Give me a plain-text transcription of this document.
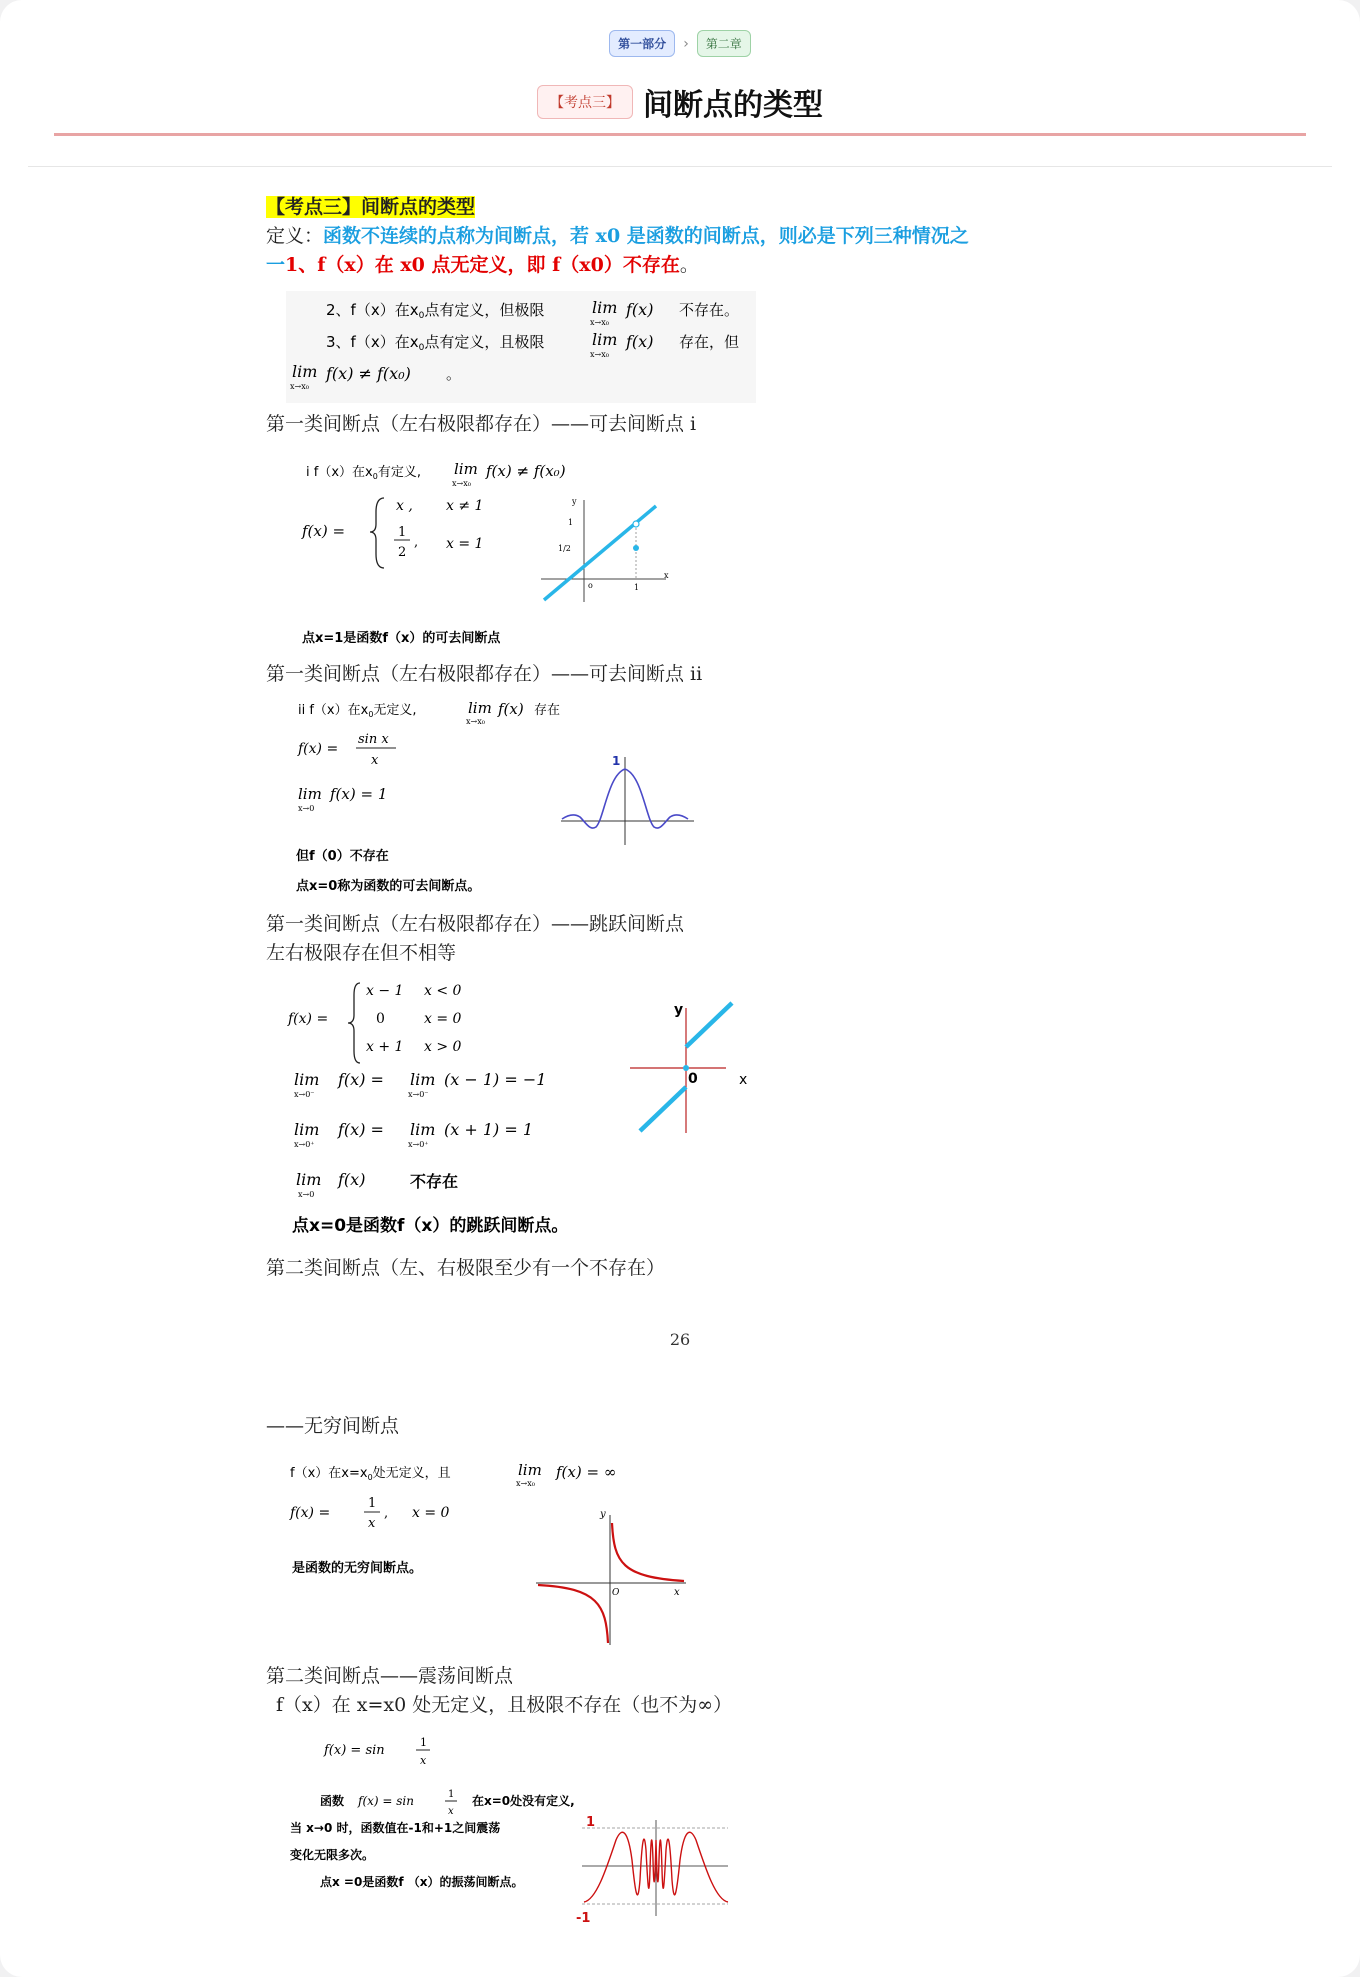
第一部分	›	第二章
【考点三】 间断点的类型
【考点三】间断点的类型
定义：函数不连续的点称为间断点，若 x0 是函数的间断点，则必是下列三种情况之
一1、f（x）在 x0 点无定义，即 f（x0）不存在。
2、f（x）在$x_0$点有定义，但极限	lim
x→x₀
f(x) 不存在。
3、f（x）在$x_0$点有定义，且极限	lim
x→x₀
f(x) 存在，但
lim
x→x₀
f(x) ≠ f(x₀) 。
第一类间断点（左右极限都存在）——可去间断点 i
i f（x）在$x_0$有定义, lim
x→x₀
f(x) ≠ f(x₀)
f(x) =
x , x ≠ 1
1
2
, x = 1
y
x
o
1
1/2
1
点x=1是函数f（x）的可去间断点
第一类间断点（左右极限都存在）——可去间断点 ii
ii f（x）在$x_0$无定义,	lim
x→x₀
f(x) 存在
f(x) =
sin x
x
lim
x→0
f(x) = 1
1
但f（0）不存在
点x=0称为函数的可去间断点。
第一类间断点（左右极限都存在）——跳跃间断点
左右极限存在但不相等
f(x) =
x − 1 x < 0
0	x = 0
x + 1 x > 0
lim
x→0⁻
f(x) = lim
x→0⁻
(x − 1) = −1
lim
x→0⁺
f(x) = lim
x→0⁺
(x + 1) = 1
lim
x→0
f(x)	不存在
点x=0是函数f（x）的跳跃间断点。
y
x
0
第二类间断点（左、右极限至少有一个不存在）
26
——无穷间断点
f（x）在$x=x_0$处无定义，且	lim
x→x₀
f(x) = ∞
f(x) =
1
x
, x = 0
是函数的无穷间断点。
y
x
O
第二类间断点——震荡间断点
f（x）在 x=x0 处无定义，且极限不存在（也不为∞）
f(x) = sin
1
x
函数 f(x) = sin	1
x
在x=0处没有定义,
当 x→0 时，函数值在-1和+1之间震荡
变化无限多次。
点x =0是函数f （x）的振荡间断点。
1
-1
